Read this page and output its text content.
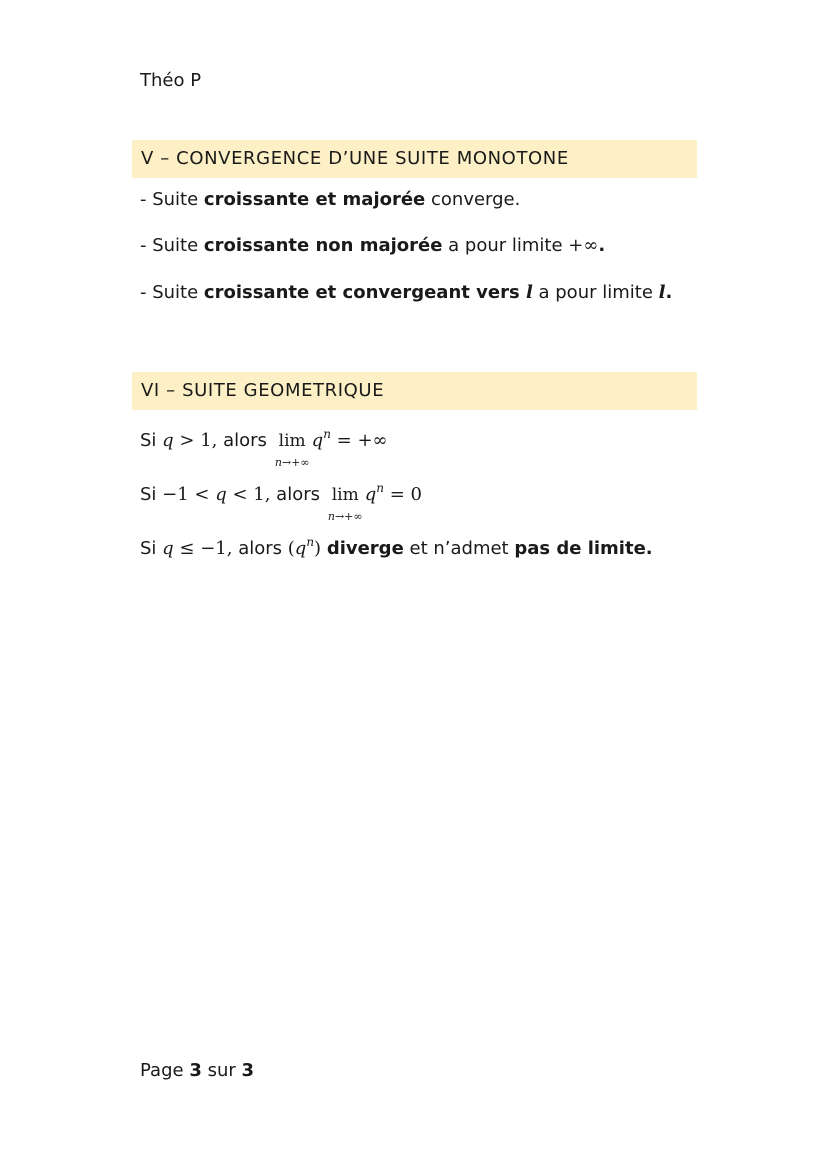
Théo P
V – CONVERGENCE D’UNE SUITE MONOTONE
- Suite croissante et majorée converge.
- Suite croissante non majorée a pour limite +∞.
- Suite croissante et convergeant vers l a pour limite l.
VI – SUITE GEOMETRIQUE
Si q > 1, alors lim
n→+∞
$q^n$ = +∞
Si −1 < q < 1, alors lim
n→+∞
$q^n = 0$
Si q ≤ −1, alors $(q^n)$ diverge et n’admet pas de limite.
Page 3 sur 3
